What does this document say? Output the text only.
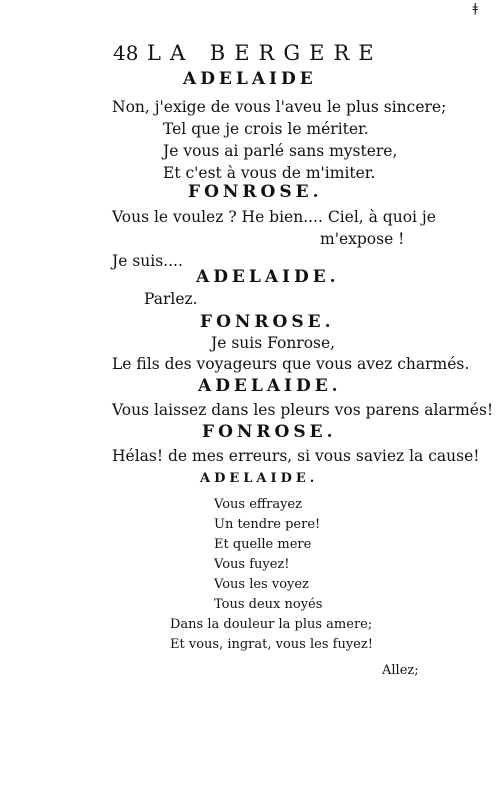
ǂ
48 LA BERGERE
ADELAIDE
Non, j'exige de vous l'aveu le plus sincere;
Tel que je crois le mériter.
Je vous ai parlé sans mystere,
Et c'est à vous de m'imiter.
FONROSE.
Vous le voulez ? He bien.... Ciel, à quoi je
m'expose !
Je suis....
ADELAIDE.
Parlez.
FONROSE.
Je suis Fonrose,
Le fils des voyageurs que vous avez charmés.
ADELAIDE.
Vous laissez dans les pleurs vos parens alarmés!
FONROSE.
Hélas! de mes erreurs, si vous saviez la cause!
ADELAIDE.
Vous effrayez
Un tendre pere!
Et quelle mere
Vous fuyez!
Vous les voyez
Tous deux noyés
Dans la douleur la plus amere;
Et vous, ingrat, vous les fuyez!
Allez;
